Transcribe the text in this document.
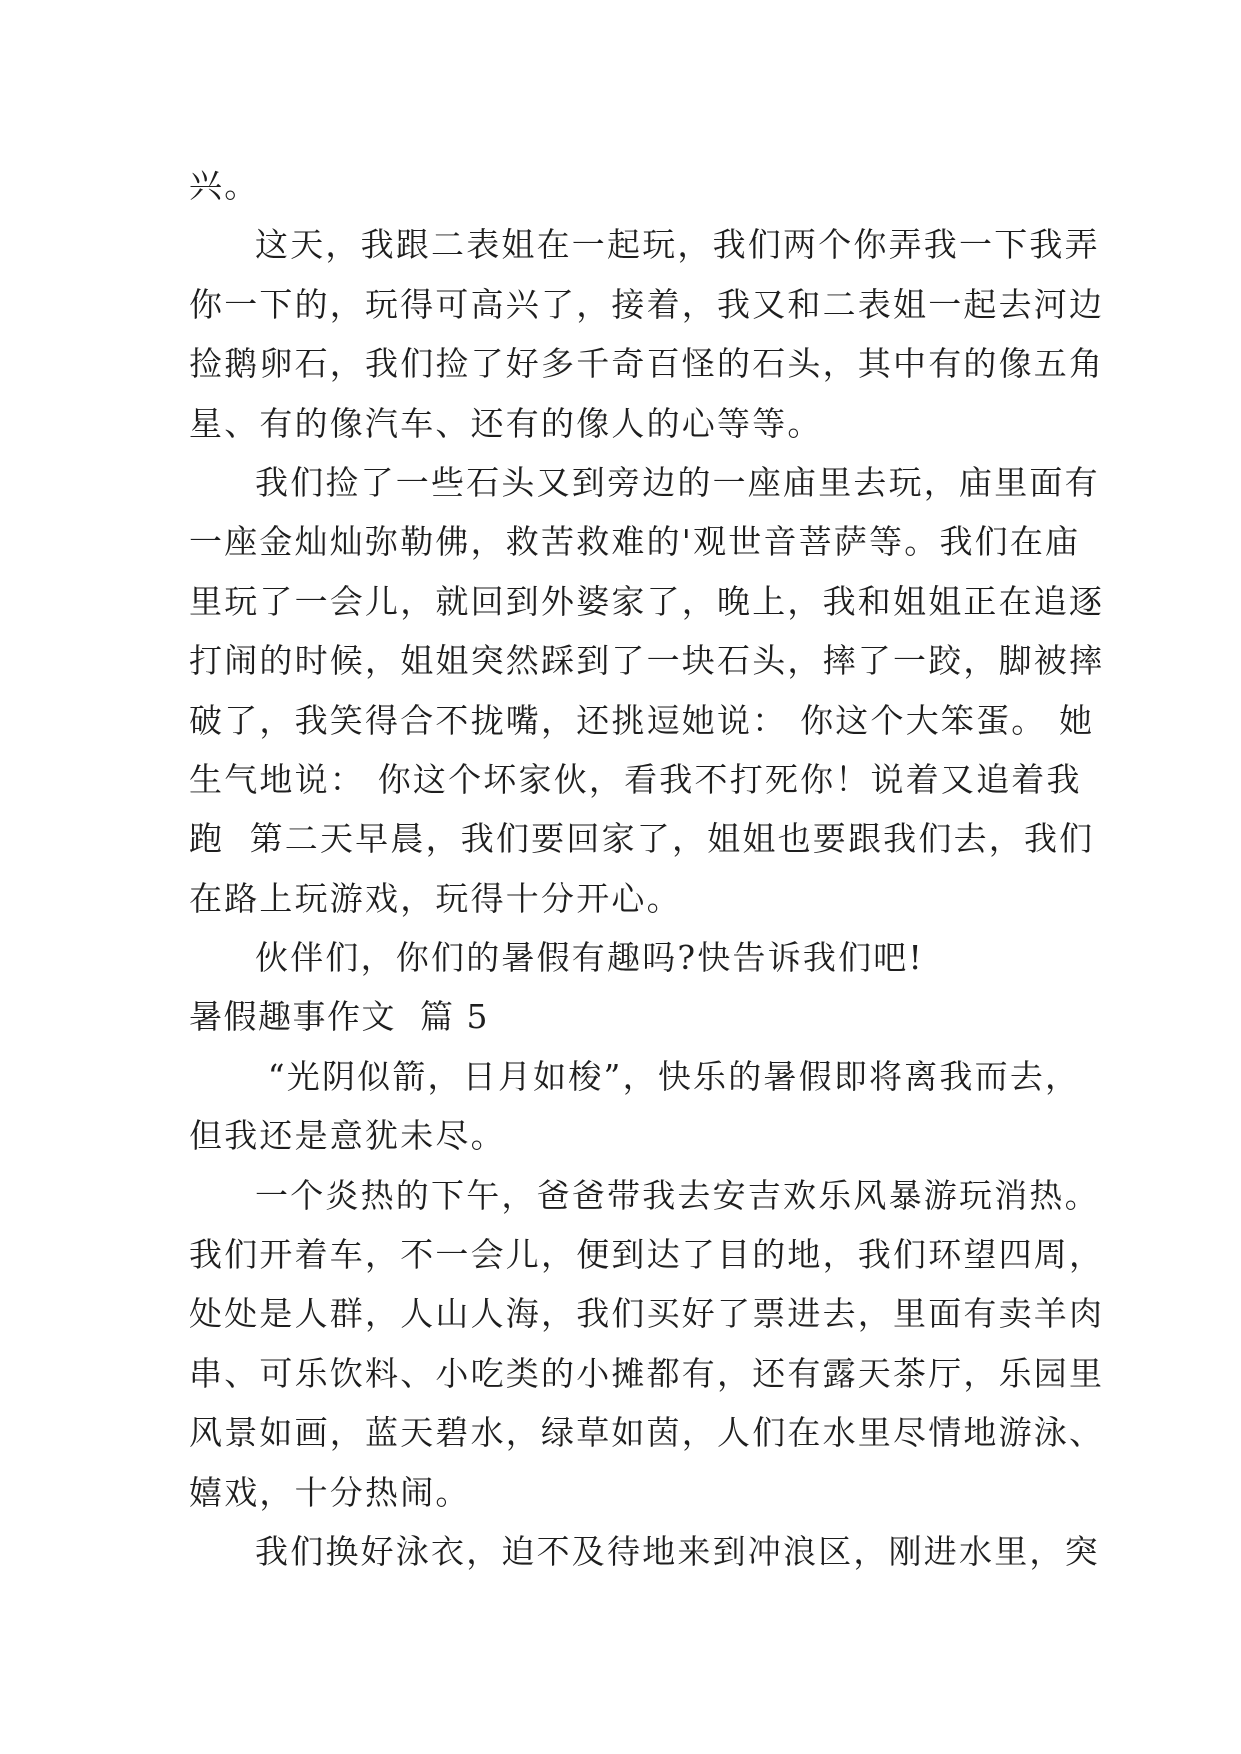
兴。
这天，我跟二表姐在一起玩，我们两个你弄我一下我弄
你一下的，玩得可高兴了，接着，我又和二表姐一起去河边
捡鹅卵石，我们捡了好多千奇百怪的石头，其中有的像五角
星、有的像汽车、还有的像人的心等等。
我们捡了一些石头又到旁边的一座庙里去玩，庙里面有
一座金灿灿弥勒佛，救苦救难的'观世音菩萨等。我们在庙
里玩了一会儿，就回到外婆家了，晚上，我和姐姐正在追逐
打闹的时候，姐姐突然踩到了一块石头，摔了一跤，脚被摔
破了，我笑得合不拢嘴，还挑逗她说： 你这个大笨蛋。 她
生气地说： 你这个坏家伙，看我不打死你！说着又追着我
跑  第二天早晨，我们要回家了，姐姐也要跟我们去，我们
在路上玩游戏，玩得十分开心。
伙伴们，你们的暑假有趣吗?快告诉我们吧!
暑假趣事作文  篇 5
“光阴似箭，日月如梭”，快乐的暑假即将离我而去，
但我还是意犹未尽。
一个炎热的下午，爸爸带我去安吉欢乐风暴游玩消热。
我们开着车，不一会儿，便到达了目的地，我们环望四周，
处处是人群，人山人海，我们买好了票进去，里面有卖羊肉
串、可乐饮料、小吃类的小摊都有，还有露天茶厅，乐园里
风景如画，蓝天碧水，绿草如茵，人们在水里尽情地游泳、
嬉戏，十分热闹。
我们换好泳衣，迫不及待地来到冲浪区，刚进水里，突
